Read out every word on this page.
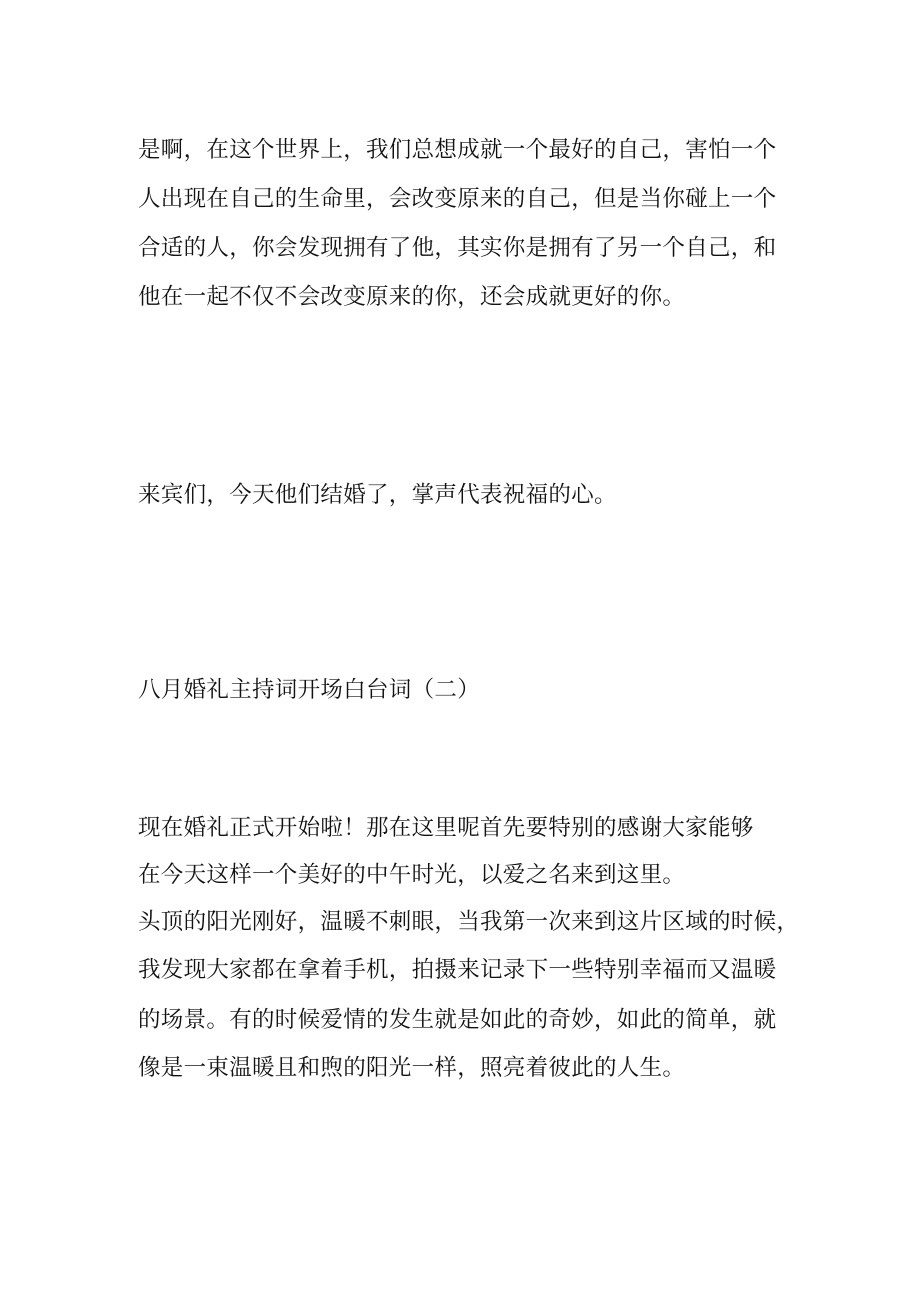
是啊，在这个世界上，我们总想成就一个最好的自己，害怕一个
人出现在自己的生命里，会改变原来的自己，但是当你碰上一个
合适的人，你会发现拥有了他，其实你是拥有了另一个自己，和
他在一起不仅不会改变原来的你，还会成就更好的你。
来宾们，今天他们结婚了，掌声代表祝福的心。
八月婚礼主持词开场白台词（二）
现在婚礼正式开始啦！那在这里呢首先要特别的感谢大家能够
在今天这样一个美好的中午时光，以爱之名来到这里。
头顶的阳光刚好，温暖不刺眼，当我第一次来到这片区域的时候，
我发现大家都在拿着手机，拍摄来记录下一些特别幸福而又温暖
的场景。有的时候爱情的发生就是如此的奇妙，如此的简单，就
像是一束温暖且和煦的阳光一样，照亮着彼此的人生。
